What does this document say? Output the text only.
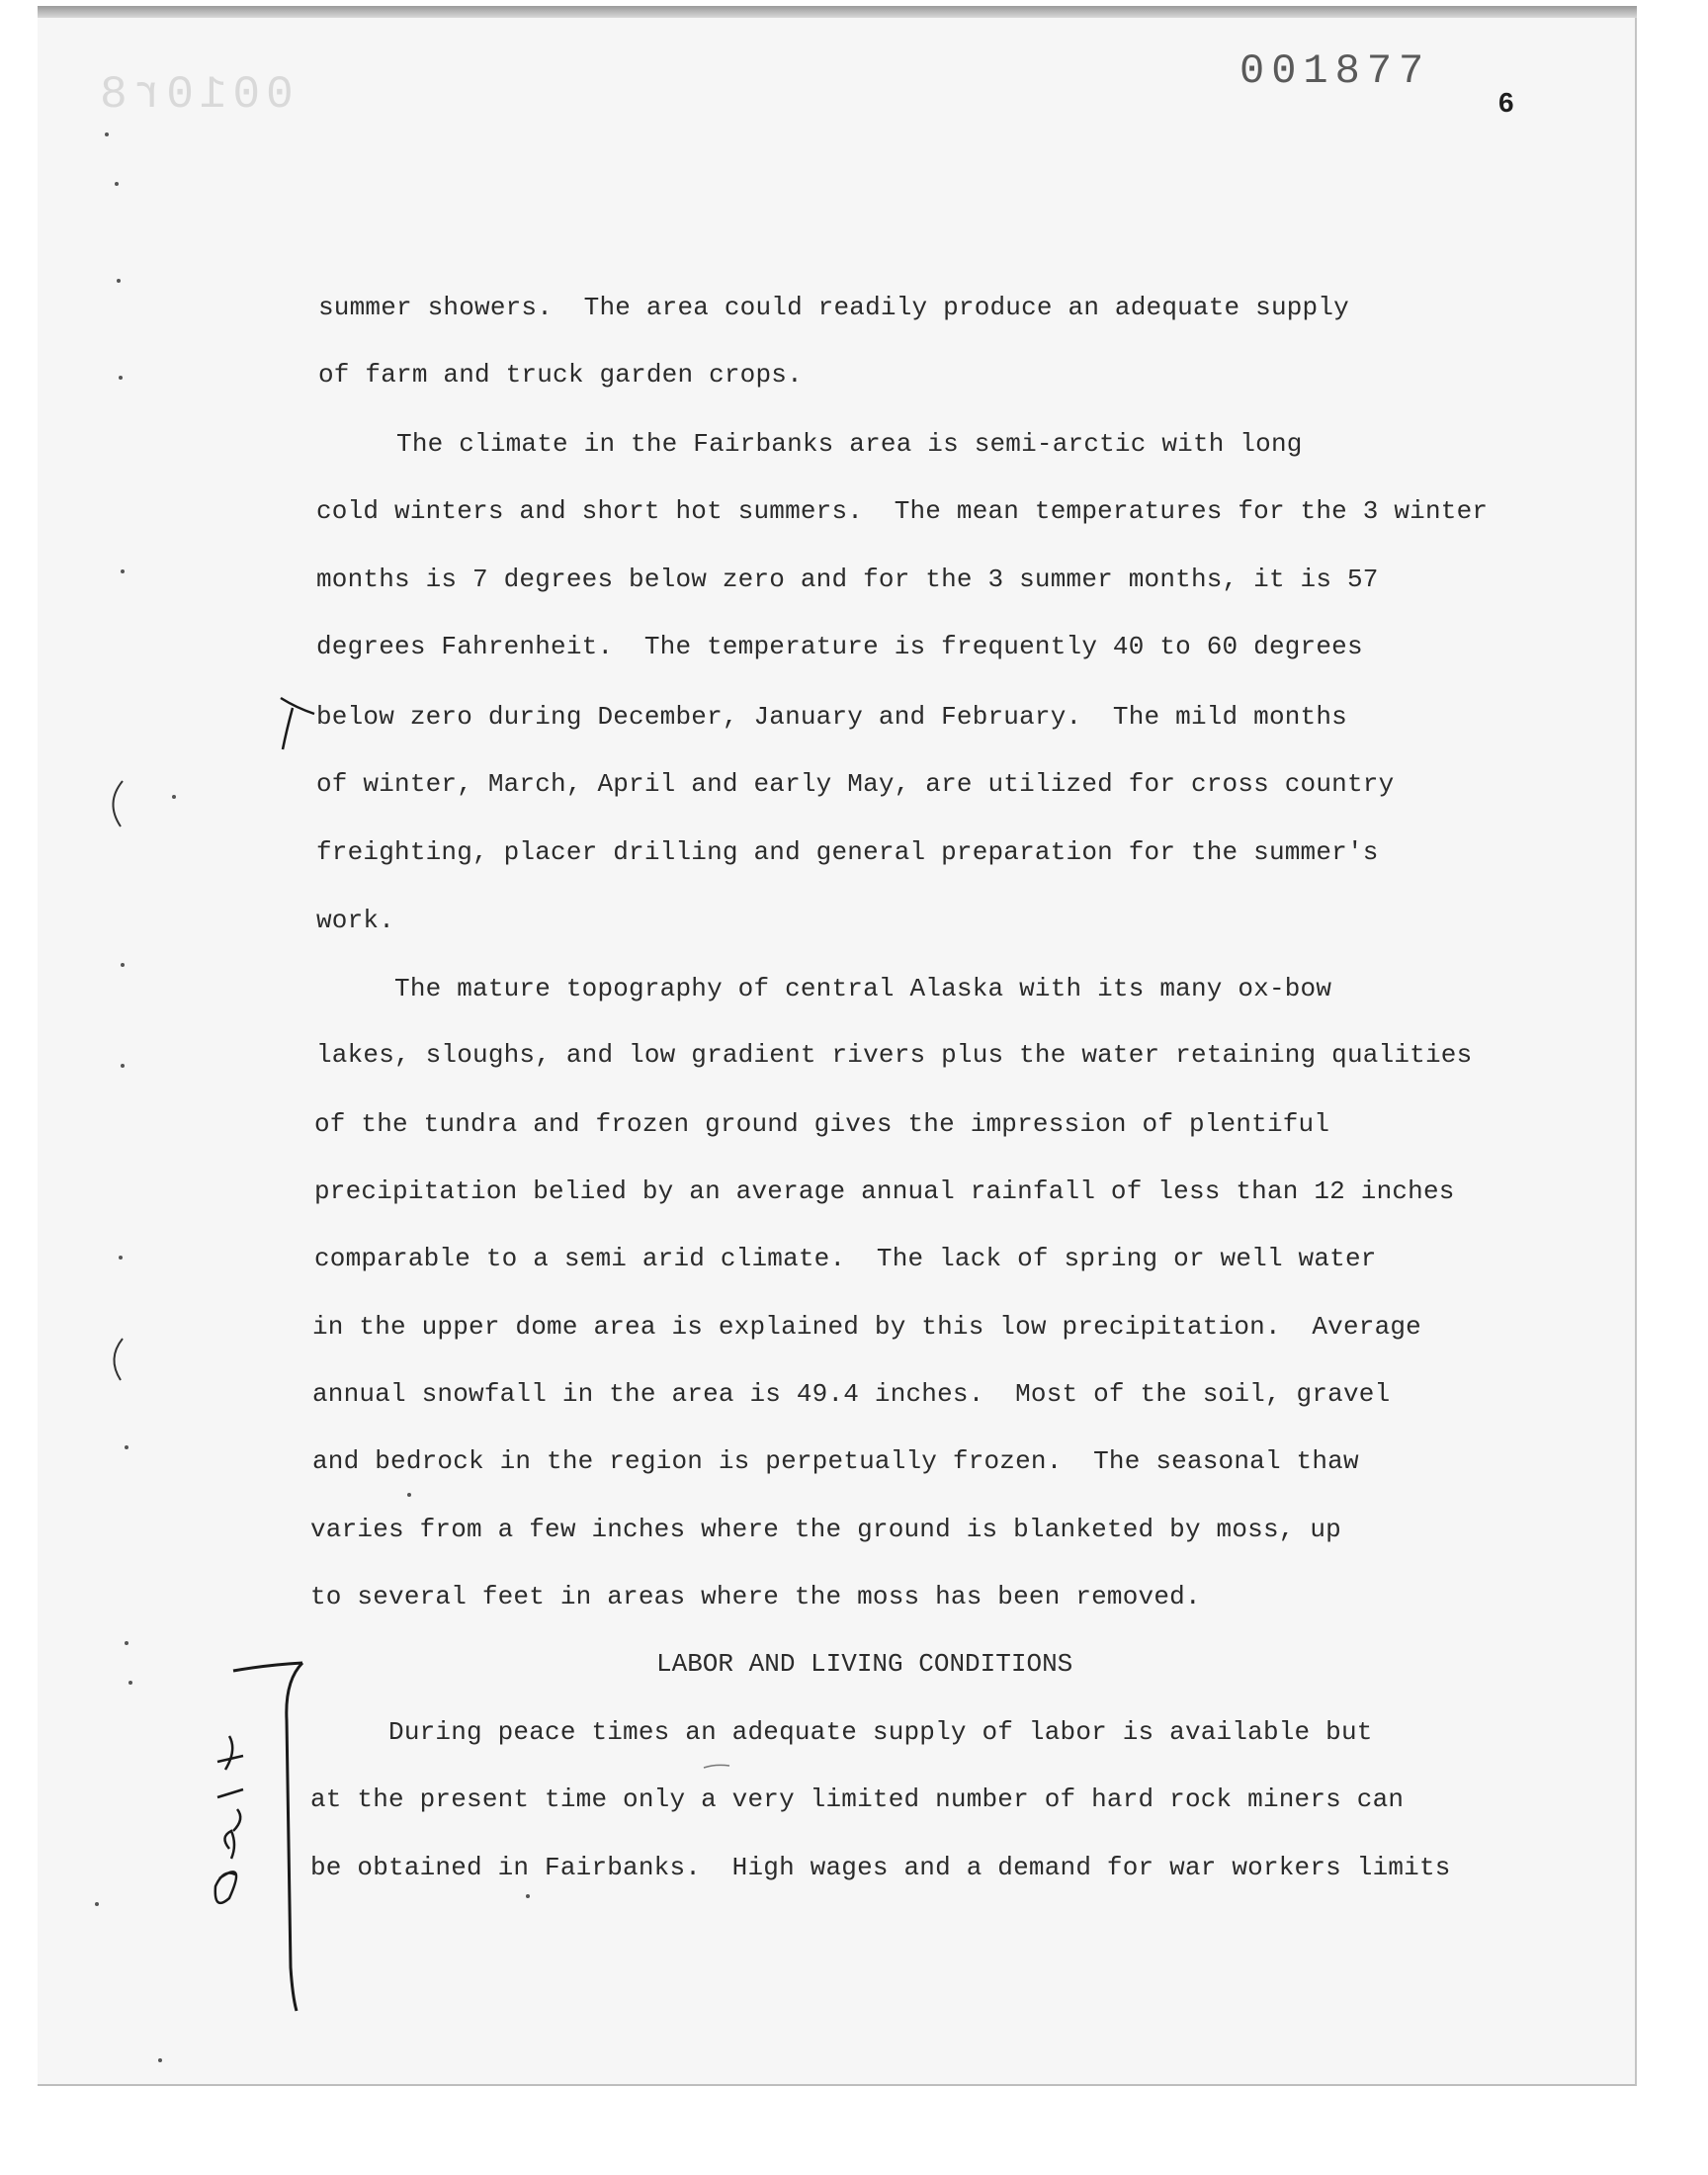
0010r8	001877
6
summer showers.  The area could readily produce an adequate supply
of farm and truck garden crops.
The climate in the Fairbanks area is semi-arctic with long
cold winters and short hot summers.  The mean temperatures for the 3 winter
months is 7 degrees below zero and for the 3 summer months, it is 57
degrees Fahrenheit.  The temperature is frequently 40 to 60 degrees
below zero during December, January and February.  The mild months
of winter, March, April and early May, are utilized for cross country
freighting, placer drilling and general preparation for the summer's
work.
The mature topography of central Alaska with its many ox-bow
lakes, sloughs, and low gradient rivers plus the water retaining qualities
of the tundra and frozen ground gives the impression of plentiful
precipitation belied by an average annual rainfall of less than 12 inches
comparable to a semi arid climate.  The lack of spring or well water
in the upper dome area is explained by this low precipitation.  Average
annual snowfall in the area is 49.4 inches.  Most of the soil, gravel
and bedrock in the region is perpetually frozen.  The seasonal thaw
varies from a few inches where the ground is blanketed by moss, up
to several feet in areas where the moss has been removed.
LABOR AND LIVING CONDITIONS
During peace times an adequate supply of labor is available but
at the present time only a very limited number of hard rock miners can
be obtained in Fairbanks.  High wages and a demand for war workers limits
